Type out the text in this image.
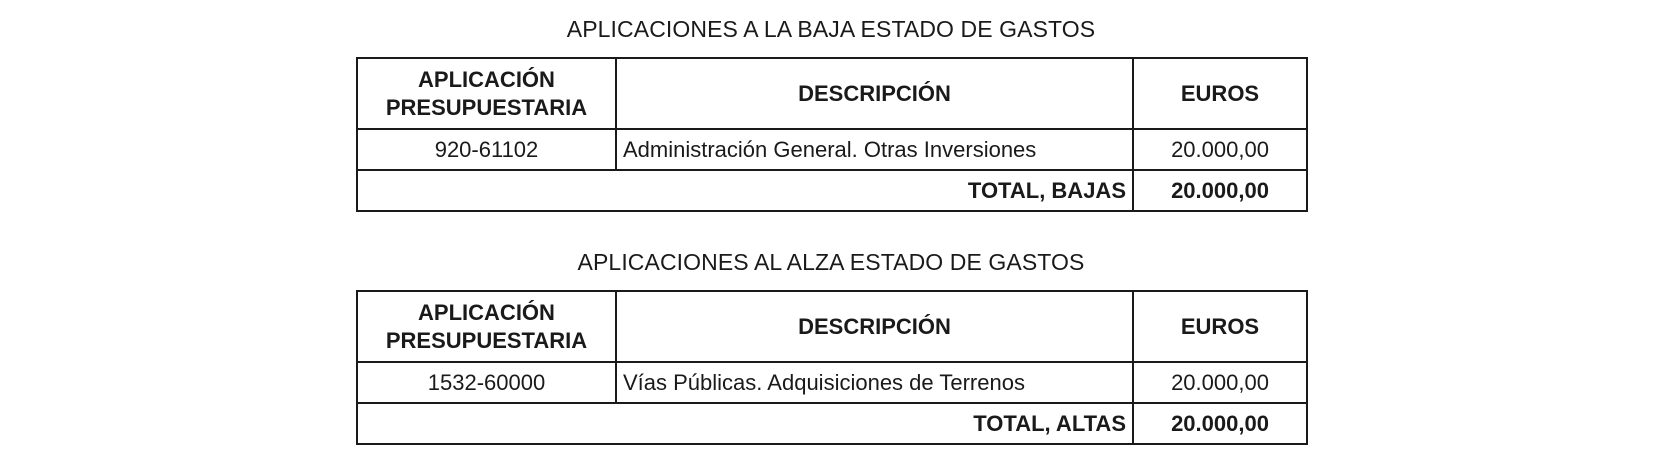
APLICACIONES A LA BAJA ESTADO DE GASTOS
APLICACIÓN PRESUPUESTARIA	DESCRIPCIÓN	EUROS
920-61102	Administración General. Otras Inversiones	20.000,00
TOTAL, BAJAS		20.000,00
APLICACIONES AL ALZA ESTADO DE GASTOS
APLICACIÓN PRESUPUESTARIA	DESCRIPCIÓN	EUROS
1532-60000	Vías Públicas. Adquisiciones de Terrenos	20.000,00
TOTAL, ALTAS		20.000,00
